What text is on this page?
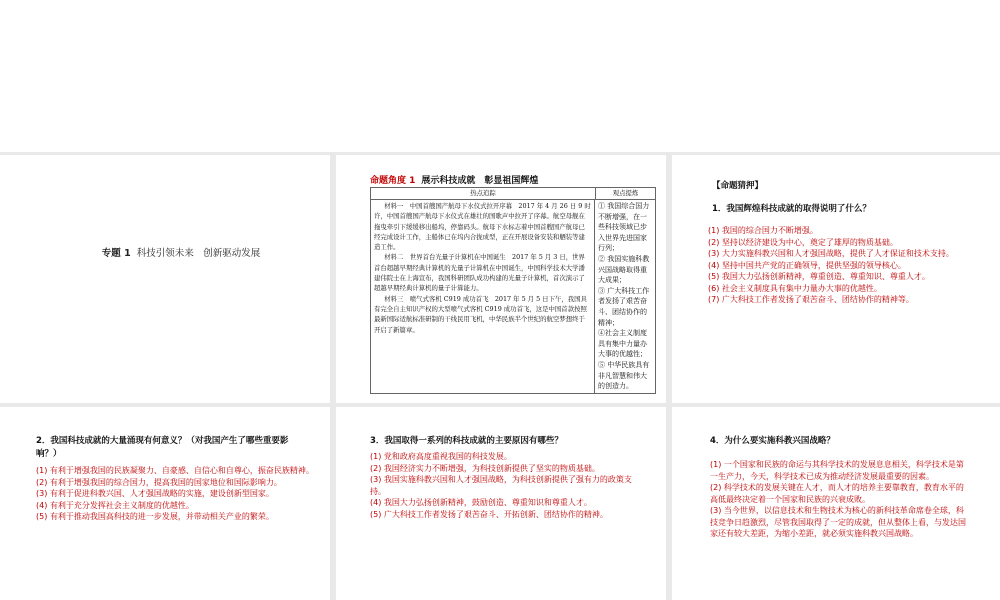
专题 1 科技引领未来　创新驱动发展
命题角度 1 展示科技成就　彰显祖国辉煌
热点追踪	观点提炼

材料一　中国首艘国产航母下水仪式拉开序幕　2017 年 4 月 26 日 9 时许，中国首艘国产航母下水仪式在雄壮的国歌声中拉开了序幕。航空母舰在拖曳牵引下缓缓移出船坞，停靠码头。航母下水标志着中国首艘国产航母已经完成设计工作，主船体已在坞内合拢成型，正在开展设备安装和舾装等建造工作。

材料二　世界首台光量子计算机在中国诞生　2017 年 5 月 3 日，世界首台超越早期经典计算机的光量子计算机在中国诞生，中国科学技术大学潘建伟院士在上海宣布，我国科研团队成功构建的光量子计算机，首次演示了超越早期经典计算机的量子计算能力。

材料三　喷气式客机 C919 成功首飞　2017 年 5 月 5 日下午，我国具有完全自主知识产权的大型喷气式客机 C919 成功首飞，这是中国首款按照最新国际适航标准研制的干线民用飞机，中华民族半个世纪的航空梦想终于开启了新篇章。

① 我国综合国力不断增强，在一些科技领域已步入世界先进国家行列；
② 我国实施科教兴国战略取得重大成果；
③ 广大科技工作者发扬了艰苦奋斗、团结协作的精神；
④社会主义制度具有集中力量办大事的优越性；
⑤ 中华民族具有非凡智慧和伟大的创造力。
【命题猜押】
1．我国辉煌科技成就的取得说明了什么？

(1) 我国的综合国力不断增强。

(2) 坚持以经济建设为中心，奠定了雄厚的物质基础。

(3) 大力实施科教兴国和人才强国战略，提供了人才保证和技术支持。

(4) 坚持中国共产党的正确领导，提供坚强的领导核心。

(5) 我国大力弘扬创新精神，尊重创造、尊重知识、尊重人才。

(6) 社会主义制度具有集中力量办大事的优越性。

(7) 广大科技工作者发扬了艰苦奋斗、团结协作的精神等。

2．我国科技成就的大量涌现有何意义？（对我国产生了哪些重要影响？）

(1) 有利于增强我国的民族凝聚力、自豪感、自信心和自尊心，振奋民族精神。

(2) 有利于增强我国的综合国力，提高我国的国家地位和国际影响力。

(3) 有利于促进科教兴国、人才强国战略的实施，建设创新型国家。

(4) 有利于充分发挥社会主义制度的优越性。

(5) 有利于推动我国高科技的进一步发展，并带动相关产业的繁荣。

3．我国取得一系列的科技成就的主要原因有哪些？

(1) 党和政府高度重视我国的科技发展。

(2) 我国经济实力不断增强，为科技创新提供了坚实的物质基础。

(3) 我国实施科教兴国和人才强国战略，为科技创新提供了强有力的政策支持。

(4) 我国大力弘扬创新精神，鼓励创造、尊重知识和尊重人才。

(5) 广大科技工作者发扬了艰苦奋斗、开拓创新、团结协作的精神。

4．为什么要实施科教兴国战略？

(1) 一个国家和民族的命运与其科学技术的发展息息相关，科学技术是第一生产力，今天，科学技术已成为推动经济发展最重要的因素。

(2) 科学技术的发展关键在人才，而人才的培养主要靠教育，教育水平的高低最终决定着一个国家和民族的兴衰成败。

(3) 当今世界，以信息技术和生物技术为核心的新科技革命席卷全球，科技竞争日趋激烈，尽管我国取得了一定的成就，但从整体上看，与发达国家还有较大差距，为缩小差距，就必须实施科教兴国战略。
